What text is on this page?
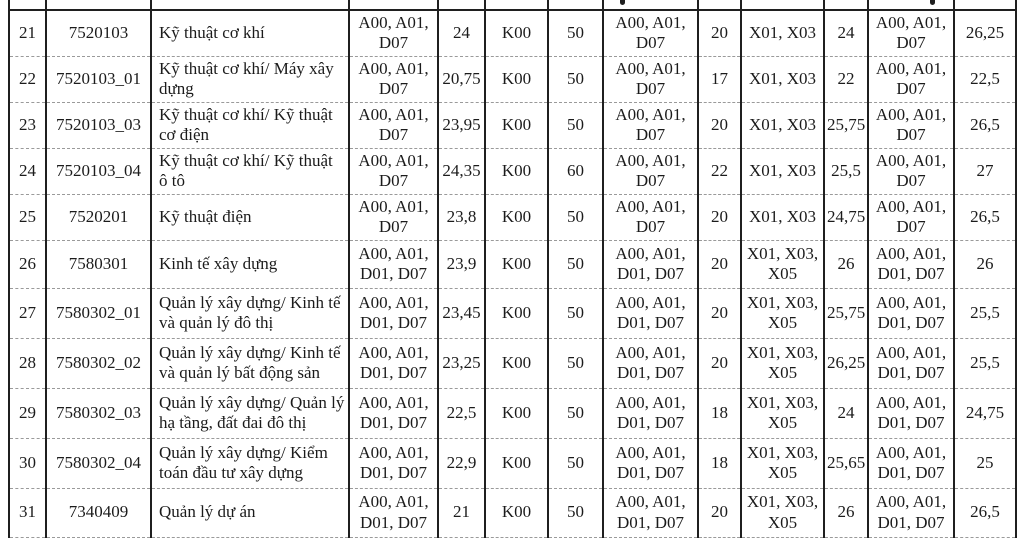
21	7520103	Kỹ thuật cơ khí	A00, A01, D07	24	K00	50	A00, A01, D07	20	X01, X03	24	A00, A01, D07	26,25
22	7520103_01	Kỹ thuật cơ khí/ Máy xây dựng	A00, A01, D07	20,75	K00	50	A00, A01, D07	17	X01, X03	22	A00, A01, D07	22,5
23	7520103_03	Kỹ thuật cơ khí/ Kỹ thuật cơ điện	A00, A01, D07	23,95	K00	50	A00, A01, D07	20	X01, X03	25,75	A00, A01, D07	26,5
24	7520103_04	Kỹ thuật cơ khí/ Kỹ thuật ô tô	A00, A01, D07	24,35	K00	60	A00, A01, D07	22	X01, X03	25,5	A00, A01, D07	27
25	7520201	Kỹ thuật điện	A00, A01, D07	23,8	K00	50	A00, A01, D07	20	X01, X03	24,75	A00, A01, D07	26,5
26	7580301	Kinh tế xây dựng	A00, A01, D01, D07	23,9	K00	50	A00, A01, D01, D07	20	X01, X03, X05	26	A00, A01, D01, D07	26
27	7580302_01	Quản lý xây dựng/ Kinh tế và quản lý đô thị	A00, A01, D01, D07	23,45	K00	50	A00, A01, D01, D07	20	X01, X03, X05	25,75	A00, A01, D01, D07	25,5
28	7580302_02	Quản lý xây dựng/ Kinh tế và quản lý bất động sản	A00, A01, D01, D07	23,25	K00	50	A00, A01, D01, D07	20	X01, X03, X05	26,25	A00, A01, D01, D07	25,5
29	7580302_03	Quản lý xây dựng/ Quản lý hạ tầng, đất đai đô thị	A00, A01, D01, D07	22,5	K00	50	A00, A01, D01, D07	18	X01, X03, X05	24	A00, A01, D01, D07	24,75
30	7580302_04	Quản lý xây dựng/ Kiểm toán đầu tư xây dựng	A00, A01, D01, D07	22,9	K00	50	A00, A01, D01, D07	18	X01, X03, X05	25,65	A00, A01, D01, D07	25
31	7340409	Quản lý dự án	A00, A01, D01, D07	21	K00	50	A00, A01, D01, D07	20	X01, X03, X05	26	A00, A01, D01, D07	26,5
